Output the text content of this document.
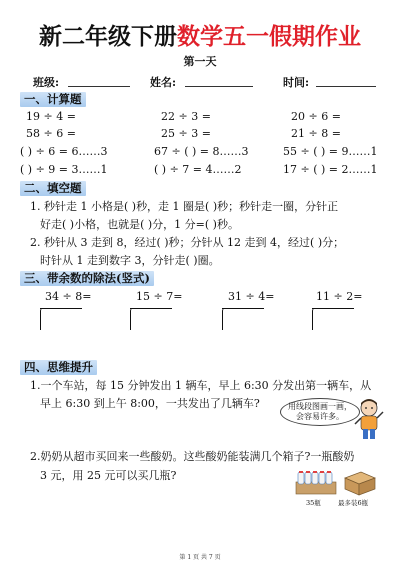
新二年级下册数学五一假期作业
第一天
班级:	姓名:	时间:
一、计算题
19 ÷ 4 =	22 ÷ 3 =	20 ÷ 6 =
58 ÷ 6 =	25 ÷ 3 =	21 ÷ 8 =
( ) ÷ 6 = 6……3	67 ÷ ( ) = 8……3	55 ÷ ( ) = 9……1
( ) ÷ 9 = 3……1	( ) ÷ 7 = 4……2	17 ÷ ( ) = 2……1
二、填空题
1. 秒针走 1 小格是( )秒，走 1 圈是( )秒；秒针走一圈，分针正
好走( )小格，也就是( )分，1 分=( )秒。
2. 秒针从 3 走到 8，经过( )秒；分针从 12 走到 4，经过( )分；
时针从 1 走到数字 3，分针走( )圈。
三、带余数的除法(竖式)
34 ÷ 8=	15 ÷ 7=	31 ÷ 4=	11 ÷ 2=
四、思维提升
1.一个车站，每 15 分钟发出 1 辆车，早上 6:30 分发出第一辆车，从
早上 6:30 到上午 8:00，一共发出了几辆车?	用线段图画一画，
会容易许多。
2.奶奶从超市买回来一些酸奶。这些酸奶能装满几个箱子?一瓶酸奶
3 元，用 25 元可以买几瓶?
35瓶	最多装6瓶
第 1 页 共 7 页
